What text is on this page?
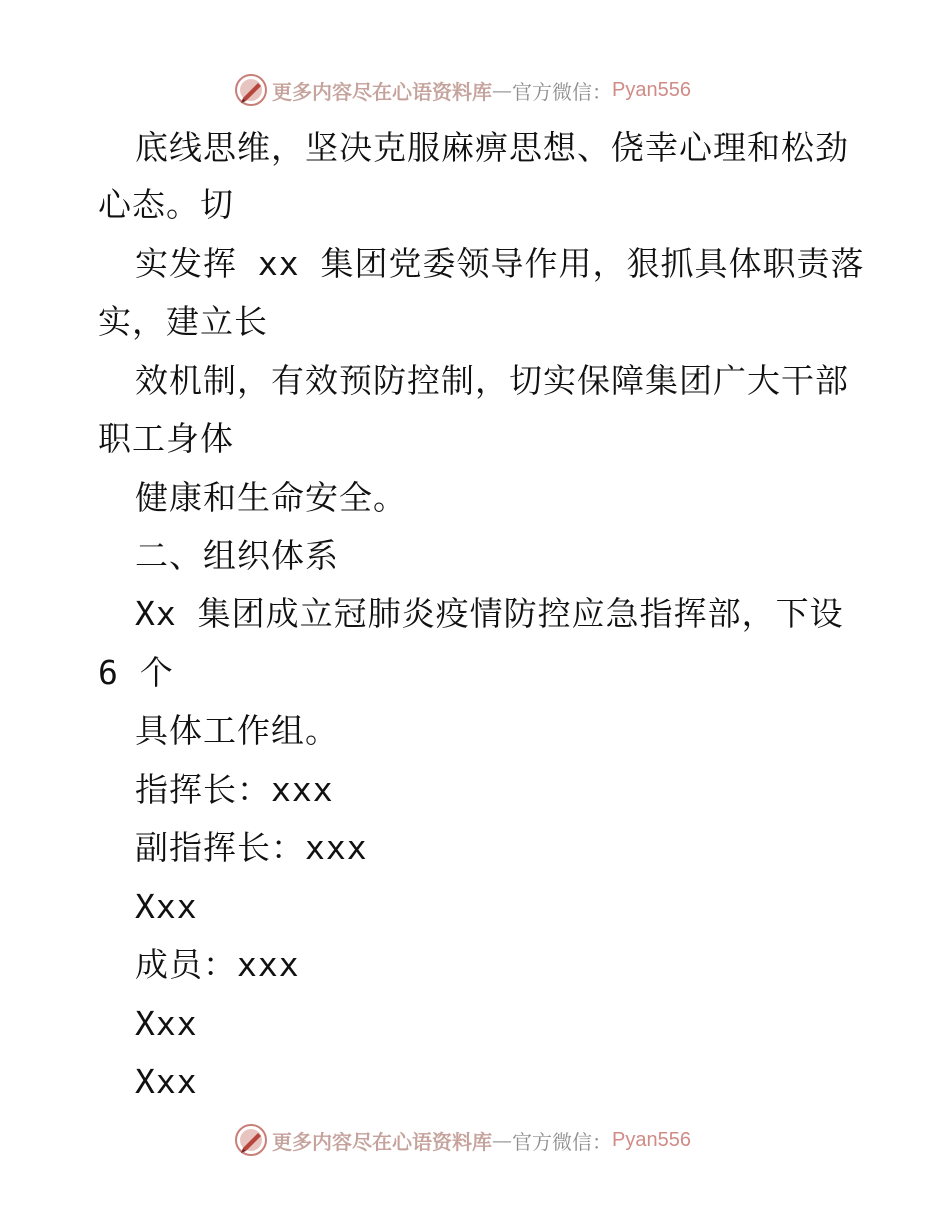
更多内容尽在心语资料库 — 官方微信： Pyan556
底线思维，坚决克服麻痹思想、侥幸心理和松劲
心态。切
实发挥 xx 集团党委领导作用，狠抓具体职责落
实，建立长
效机制，有效预防控制，切实保障集团广大干部
职工身体
健康和生命安全。
二、组织体系
Xx 集团成立冠肺炎疫情防控应急指挥部，下设
6 个
具体工作组。
指挥长：xxx
副指挥长：xxx
Xxx
成员：xxx
Xxx
Xxx
更多内容尽在心语资料库 — 官方微信： Pyan556
